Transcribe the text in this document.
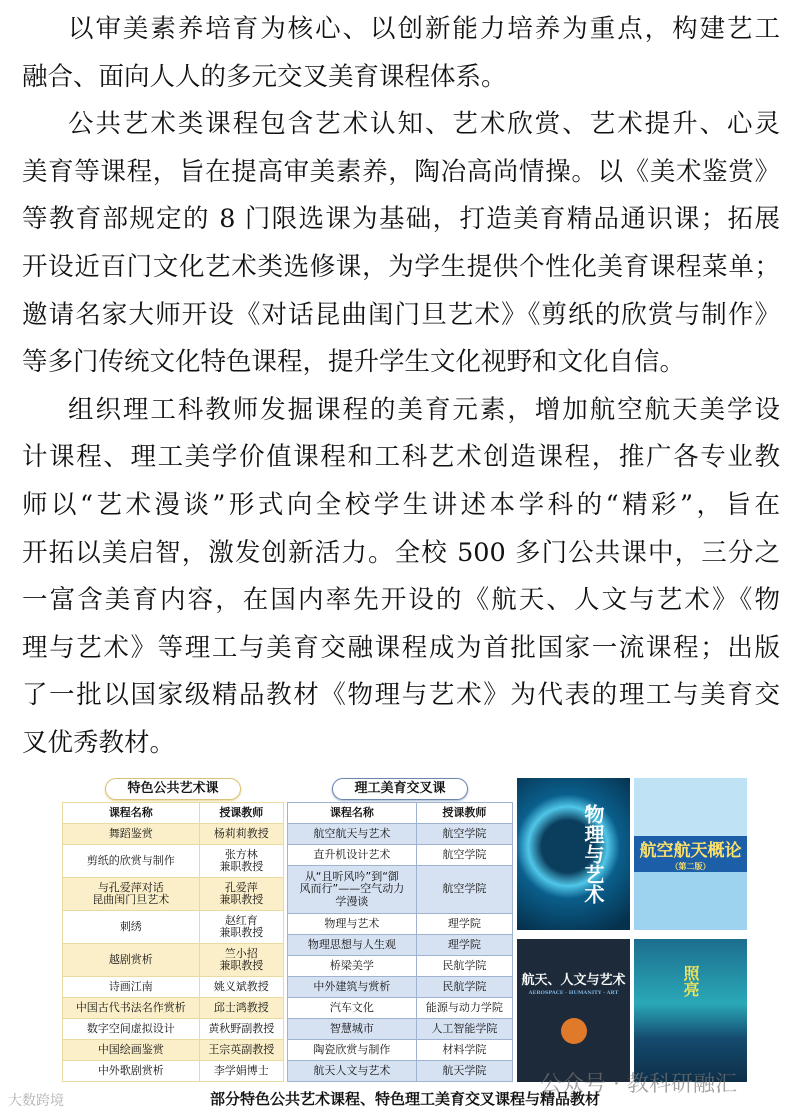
以审美素养培育为核心、以创新能力培养为重点，构建艺工
融合、面向人人的多元交叉美育课程体系。
公共艺术类课程包含艺术认知、艺术欣赏、艺术提升、心灵
美育等课程，旨在提高审美素养，陶冶高尚情操。以《美术鉴赏》
等教育部规定的 8 门限选课为基础，打造美育精品通识课；拓展
开设近百门文化艺术类选修课，为学生提供个性化美育课程菜单；
邀请名家大师开设《对话昆曲闺门旦艺术》《剪纸的欣赏与制作》
等多门传统文化特色课程，提升学生文化视野和文化自信。
组织理工科教师发掘课程的美育元素，增加航空航天美学设
计课程、理工美学价值课程和工科艺术创造课程，推广各专业教
师以“艺术漫谈”形式向全校学生讲述本学科的“精彩”，旨在
开拓以美启智，激发创新活力。全校 500 多门公共课中，三分之
一富含美育内容，在国内率先开设的《航天、人文与艺术》《物
理与艺术》等理工与美育交融课程成为首批国家一流课程；出版
了一批以国家级精品教材《物理与艺术》为代表的理工与美育交
叉优秀教材。
特色公共艺术课
课程名称	授课教师
舞蹈鉴赏	杨莉莉教授
剪纸的欣赏与制作	张方林
兼职教授
与孔爱萍对话
昆曲闺门旦艺术	孔爱萍
兼职教授
刺绣	赵红育
兼职教授
越剧赏析	竺小招
兼职教授
诗画江南	姚义斌教授
中国古代书法名作赏析	邱士鸿教授
数字空间虚拟设计	黄秋野副教授
中国绘画鉴赏	王宗英副教授
中外歌剧赏析	李学娟博士
理工美育交叉课
课程名称	授课教师
航空航天与艺术	航空学院
直升机设计艺术	航空学院
从“且听风吟”到“御
风而行”——空气动力
学漫谈	航空学院
物理与艺术	理学院
物理思想与人生观	理学院
桥梁美学	民航学院
中外建筑与赏析	民航学院
汽车文化	能源与动力学院
智慧城市	人工智能学院
陶瓷欣赏与制作	材料学院
航天人文与艺术	航天学院
物理与艺术 航空航天概论
（第二版）
航天、人文与艺术
AEROSPACE · HUMANITY · ART	照亮
部分特色公共艺术课程、特色理工美育交叉课程与精品教材
大数跨境
公众号 · 教科研融汇
